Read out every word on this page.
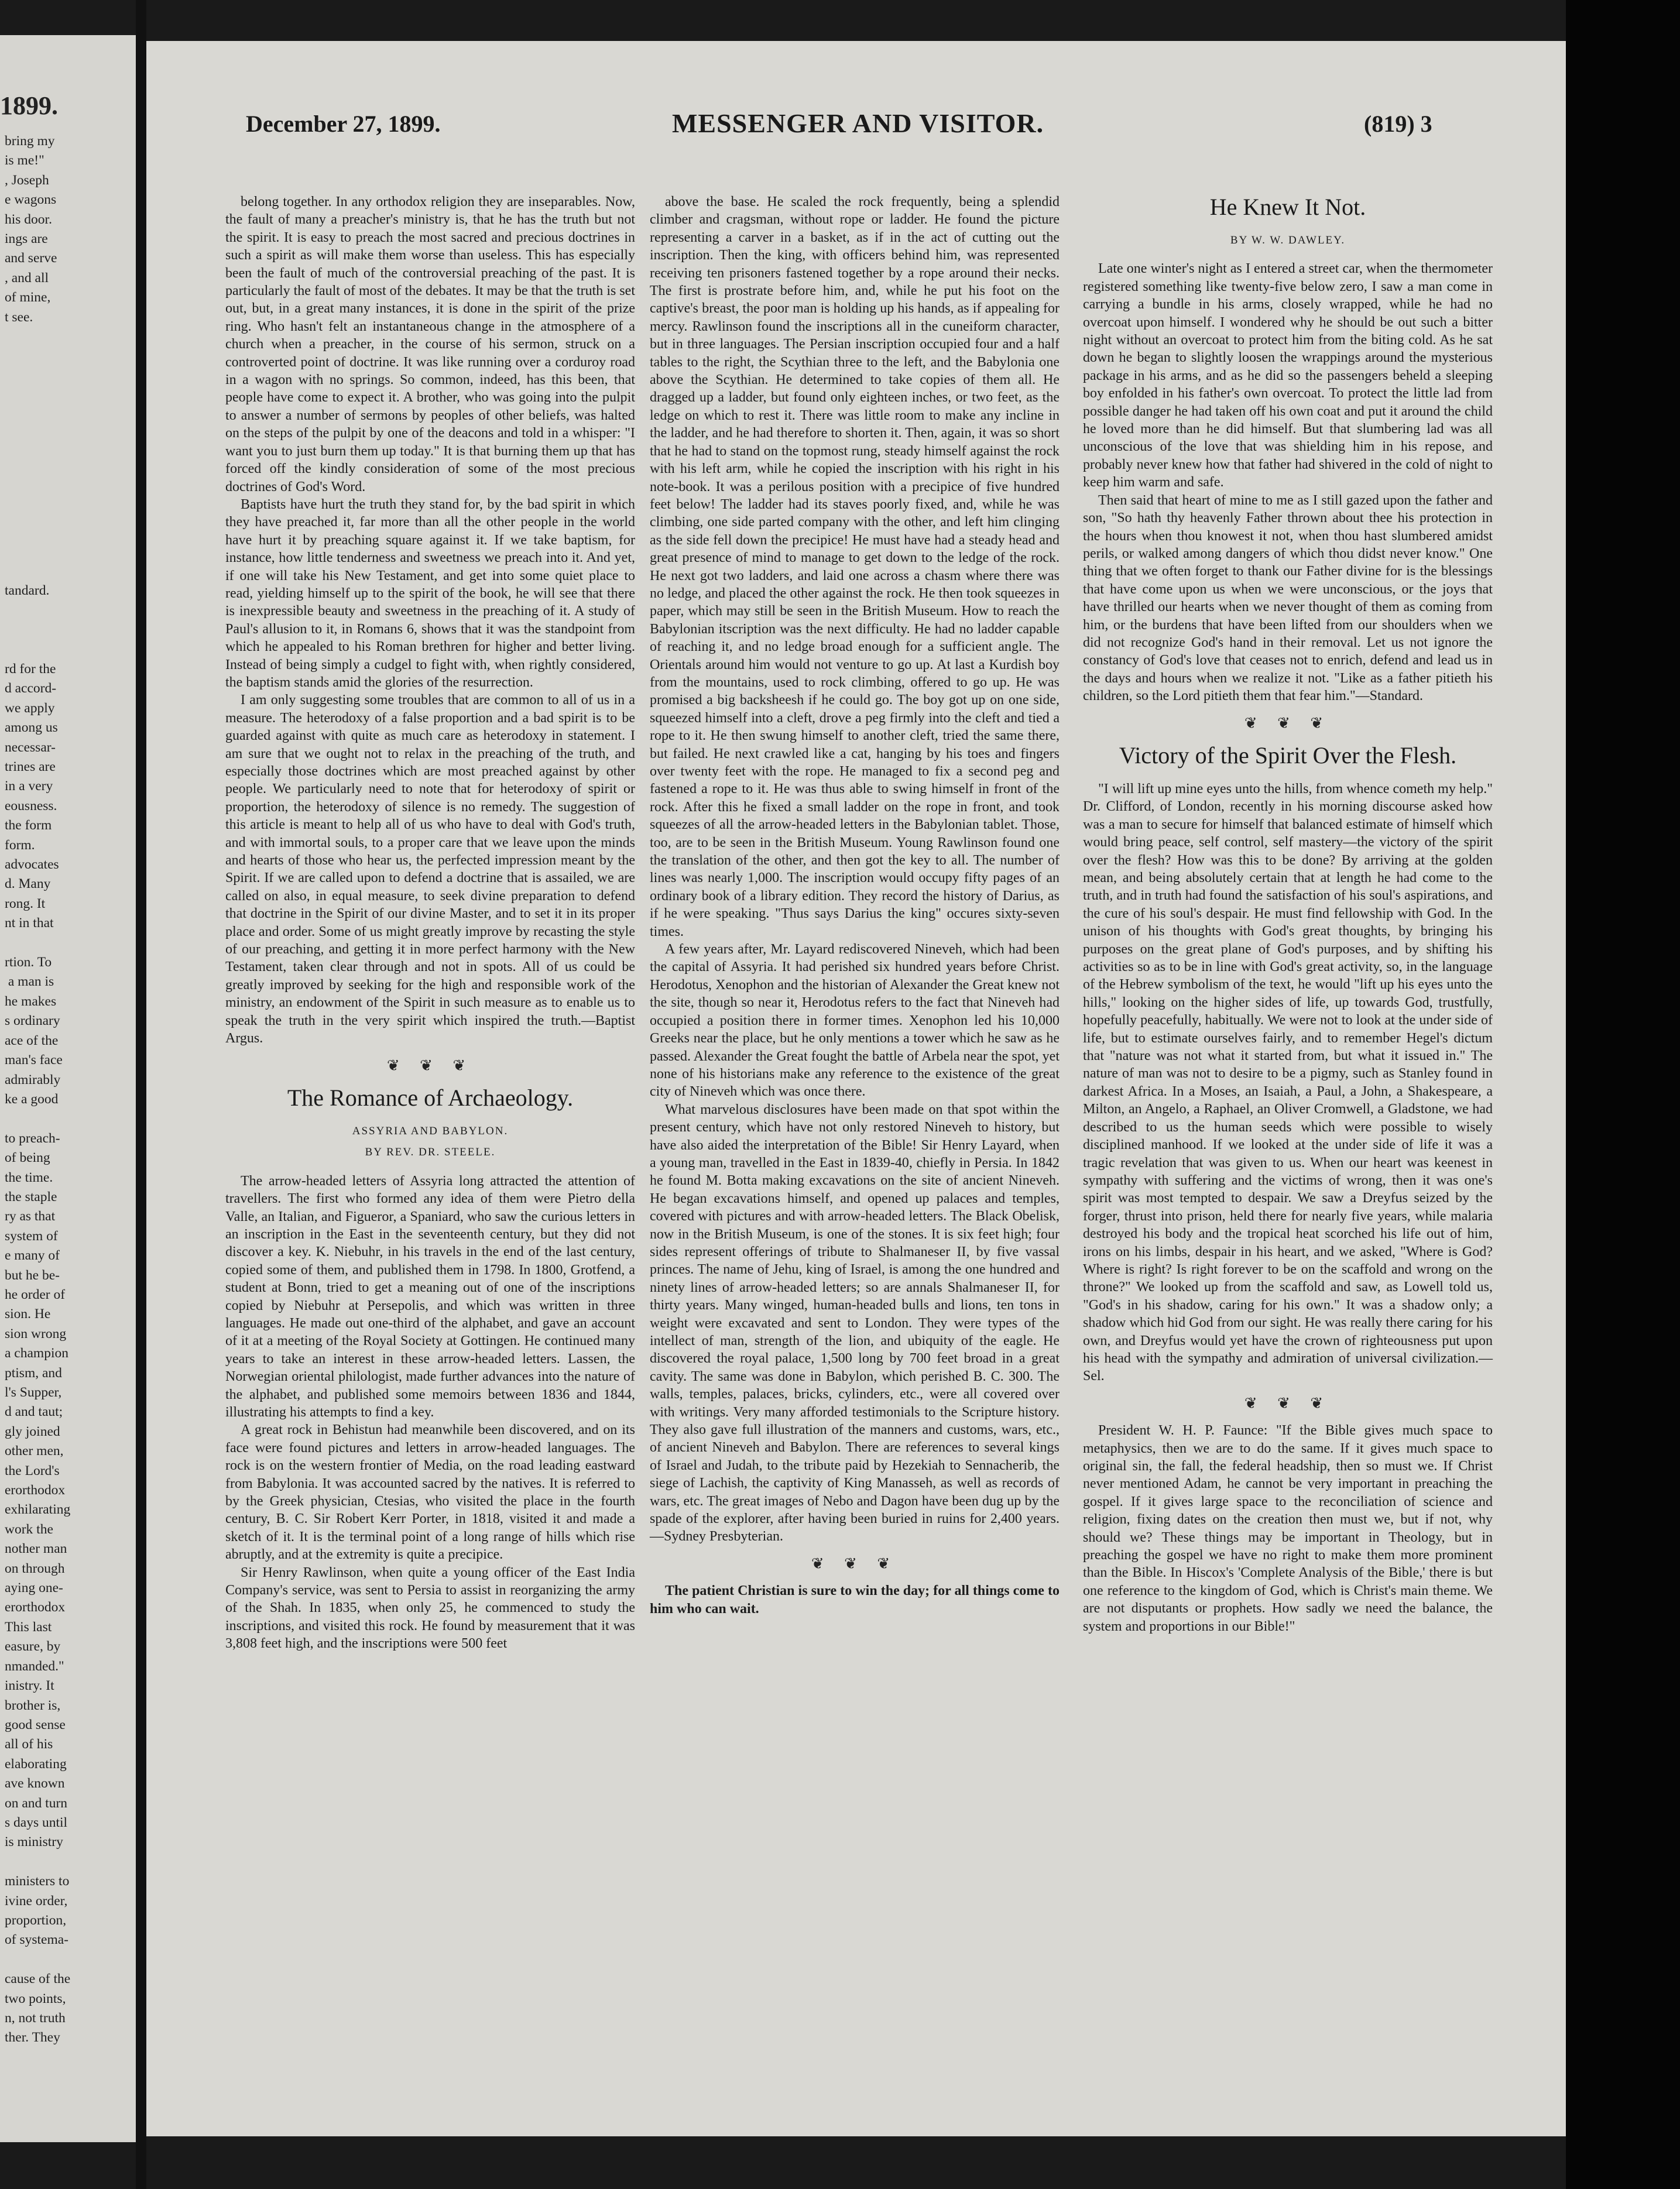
1899.
bring my
is me!"
, Joseph
e wagons
his door.
ings are
and serve
, and all
of mine,
t see.

tandard.

rd for the
d accord-
we apply
among us
necessar-
trines are
in a very
eousness.
the form
form.
advocates
d. Many
rong. It
nt in that

rtion. To
a man is
he makes
s ordinary
ace of the
man's face
admirably
ke a good

to preach-
of being
the time.
the staple
ry as that
system of
e many of
but he be-
he order of
sion. He
sion wrong
a champion
ptism, and
l's Supper,
d and taut;
gly joined
other men,
the Lord's
erorthodox
exhilarating
work the
nother man
on through
aying one-
erorthodox
This last
easure, by
nmanded."
inistry. It
brother is,
good sense
all of his
elaborating
ave known
on and turn
s days until
is ministry

ministers to
ivine order,
proportion,
of systema-

cause of the
two points,
n, not truth
ther. They
December 27, 1899.	MESSENGER AND VISITOR.	(819) 3

belong together. In any orthodox religion they are inseparables. Now, the fault of many a preacher's ministry is, that he has the truth but not the spirit. It is easy to preach the most sacred and precious doctrines in such a spirit as will make them worse than useless. This has especially been the fault of much of the controversial preaching of the past. It is particularly the fault of most of the debates. It may be that the truth is set out, but, in a great many instances, it is done in the spirit of the prize ring. Who hasn't felt an instantaneous change in the atmosphere of a church when a preacher, in the course of his sermon, struck on a controverted point of doctrine. It was like running over a corduroy road in a wagon with no springs. So common, indeed, has this been, that people have come to expect it. A brother, who was going into the pulpit to answer a number of sermons by peoples of other beliefs, was halted on the steps of the pulpit by one of the deacons and told in a whisper: "I want you to just burn them up today." It is that burning them up that has forced off the kindly consideration of some of the most precious doctrines of God's Word.

Baptists have hurt the truth they stand for, by the bad spirit in which they have preached it, far more than all the other people in the world have hurt it by preaching square against it. If we take baptism, for instance, how little tenderness and sweetness we preach into it. And yet, if one will take his New Testament, and get into some quiet place to read, yielding himself up to the spirit of the book, he will see that there is inexpressible beauty and sweetness in the preaching of it. A study of Paul's allusion to it, in Romans 6, shows that it was the standpoint from which he appealed to his Roman brethren for higher and better living. Instead of being simply a cudgel to fight with, when rightly considered, the baptism stands amid the glories of the resurrection.

I am only suggesting some troubles that are common to all of us in a measure. The heterodoxy of a false proportion and a bad spirit is to be guarded against with quite as much care as heterodoxy in statement. I am sure that we ought not to relax in the preaching of the truth, and especially those doctrines which are most preached against by other people. We particularly need to note that for heterodoxy of spirit or proportion, the heterodoxy of silence is no remedy. The suggestion of this article is meant to help all of us who have to deal with God's truth, and with immortal souls, to a proper care that we leave upon the minds and hearts of those who hear us, the perfected impression meant by the Spirit. If we are called upon to defend a doctrine that is assailed, we are called on also, in equal measure, to seek divine preparation to defend that doctrine in the Spirit of our divine Master, and to set it in its proper place and order. Some of us might greatly improve by recasting the style of our preaching, and getting it in more perfect harmony with the New Testament, taken clear through and not in spots. All of us could be greatly improved by seeking for the high and responsible work of the ministry, an endowment of the Spirit in such measure as to enable us to speak the truth in the very spirit which inspired the truth.—Baptist Argus.

❦ ❦ ❦
The Romance of Archaeology.
ASSYRIA AND BABYLON.
BY REV. DR. STEELE.

The arrow-headed letters of Assyria long attracted the attention of travellers. The first who formed any idea of them were Pietro della Valle, an Italian, and Figueror, a Spaniard, who saw the curious letters in an inscription in the East in the seventeenth century, but they did not discover a key. K. Niebuhr, in his travels in the end of the last century, copied some of them, and published them in 1798. In 1800, Grotfend, a student at Bonn, tried to get a meaning out of one of the inscriptions copied by Niebuhr at Persepolis, and which was written in three languages. He made out one-third of the alphabet, and gave an account of it at a meeting of the Royal Society at Gottingen. He continued many years to take an interest in these arrow-headed letters. Lassen, the Norwegian oriental philologist, made further advances into the nature of the alphabet, and published some memoirs between 1836 and 1844, illustrating his attempts to find a key.

A great rock in Behistun had meanwhile been discovered, and on its face were found pictures and letters in arrow-headed languages. The rock is on the western frontier of Media, on the road leading eastward from Babylonia. It was accounted sacred by the natives. It is referred to by the Greek physician, Ctesias, who visited the place in the fourth century, B. C. Sir Robert Kerr Porter, in 1818, visited it and made a sketch of it. It is the terminal point of a long range of hills which rise abruptly, and at the extremity is quite a precipice.

Sir Henry Rawlinson, when quite a young officer of the East India Company's service, was sent to Persia to assist in reorganizing the army of the Shah. In 1835, when only 25, he commenced to study the inscriptions, and visited this rock. He found by measurement that it was 3,808 feet high, and the inscriptions were 500 feet

above the base. He scaled the rock frequently, being a splendid climber and cragsman, without rope or ladder. He found the picture representing a carver in a basket, as if in the act of cutting out the inscription. Then the king, with officers behind him, was represented receiving ten prisoners fastened together by a rope around their necks. The first is prostrate before him, and, while he put his foot on the captive's breast, the poor man is holding up his hands, as if appealing for mercy. Rawlinson found the inscriptions all in the cuneiform character, but in three languages. The Persian inscription occupied four and a half tables to the right, the Scythian three to the left, and the Babylonia one above the Scythian. He determined to take copies of them all. He dragged up a ladder, but found only eighteen inches, or two feet, as the ledge on which to rest it. There was little room to make any incline in the ladder, and he had therefore to shorten it. Then, again, it was so short that he had to stand on the topmost rung, steady himself against the rock with his left arm, while he copied the inscription with his right in his note-book. It was a perilous position with a precipice of five hundred feet below! The ladder had its staves poorly fixed, and, while he was climbing, one side parted company with the other, and left him clinging as the side fell down the precipice! He must have had a steady head and great presence of mind to manage to get down to the ledge of the rock. He next got two ladders, and laid one across a chasm where there was no ledge, and placed the other against the rock. He then took squeezes in paper, which may still be seen in the British Museum. How to reach the Babylonian itscription was the next difficulty. He had no ladder capable of reaching it, and no ledge broad enough for a sufficient angle. The Orientals around him would not venture to go up. At last a Kurdish boy from the mountains, used to rock climbing, offered to go up. He was promised a big backsheesh if he could go. The boy got up on one side, squeezed himself into a cleft, drove a peg firmly into the cleft and tied a rope to it. He then swung himself to another cleft, tried the same there, but failed. He next crawled like a cat, hanging by his toes and fingers over twenty feet with the rope. He managed to fix a second peg and fastened a rope to it. He was thus able to swing himself in front of the rock. After this he fixed a small ladder on the rope in front, and took squeezes of all the arrow-headed letters in the Babylonian tablet. Those, too, are to be seen in the British Museum. Young Rawlinson found one the translation of the other, and then got the key to all. The number of lines was nearly 1,000. The inscription would occupy fifty pages of an ordinary book of a library edition. They record the history of Darius, as if he were speaking. "Thus says Darius the king" occures sixty-seven times.

A few years after, Mr. Layard rediscovered Nineveh, which had been the capital of Assyria. It had perished six hundred years before Christ. Herodotus, Xenophon and the historian of Alexander the Great knew not the site, though so near it, Herodotus refers to the fact that Nineveh had occupied a position there in former times. Xenophon led his 10,000 Greeks near the place, but he only mentions a tower which he saw as he passed. Alexander the Great fought the battle of Arbela near the spot, yet none of his historians make any reference to the existence of the great city of Nineveh which was once there.

What marvelous disclosures have been made on that spot within the present century, which have not only restored Nineveh to history, but have also aided the interpretation of the Bible! Sir Henry Layard, when a young man, travelled in the East in 1839-40, chiefly in Persia. In 1842 he found M. Botta making excavations on the site of ancient Nineveh. He began excavations himself, and opened up palaces and temples, covered with pictures and with arrow-headed letters. The Black Obelisk, now in the British Museum, is one of the stones. It is six feet high; four sides represent offerings of tribute to Shalmaneser II, by five vassal princes. The name of Jehu, king of Israel, is among the one hundred and ninety lines of arrow-headed letters; so are annals Shalmaneser II, for thirty years. Many winged, human-headed bulls and lions, ten tons in weight were excavated and sent to London. They were types of the intellect of man, strength of the lion, and ubiquity of the eagle. He discovered the royal palace, 1,500 long by 700 feet broad in a great cavity. The same was done in Babylon, which perished B. C. 300. The walls, temples, palaces, bricks, cylinders, etc., were all covered over with writings. Very many afforded testimonials to the Scripture history. They also gave full illustration of the manners and customs, wars, etc., of ancient Nineveh and Babylon. There are references to several kings of Israel and Judah, to the tribute paid by Hezekiah to Sennacherib, the siege of Lachish, the captivity of King Manasseh, as well as records of wars, etc. The great images of Nebo and Dagon have been dug up by the spade of the explorer, after having been buried in ruins for 2,400 years.—Sydney Presbyterian.

❦ ❦ ❦

The patient Christian is sure to win the day; for all things come to him who can wait.

He Knew It Not.
BY W. W. DAWLEY.

Late one winter's night as I entered a street car, when the thermometer registered something like twenty-five below zero, I saw a man come in carrying a bundle in his arms, closely wrapped, while he had no overcoat upon himself. I wondered why he should be out such a bitter night without an overcoat to protect him from the biting cold. As he sat down he began to slightly loosen the wrappings around the mysterious package in his arms, and as he did so the passengers beheld a sleeping boy enfolded in his father's own overcoat. To protect the little lad from possible danger he had taken off his own coat and put it around the child he loved more than he did himself. But that slumbering lad was all unconscious of the love that was shielding him in his repose, and probably never knew how that father had shivered in the cold of night to keep him warm and safe.

Then said that heart of mine to me as I still gazed upon the father and son, "So hath thy heavenly Father thrown about thee his protection in the hours when thou knowest it not, when thou hast slumbered amidst perils, or walked among dangers of which thou didst never know." One thing that we often forget to thank our Father divine for is the blessings that have come upon us when we were unconscious, or the joys that have thrilled our hearts when we never thought of them as coming from him, or the burdens that have been lifted from our shoulders when we did not recognize God's hand in their removal. Let us not ignore the constancy of God's love that ceases not to enrich, defend and lead us in the days and hours when we realize it not. "Like as a father pitieth his children, so the Lord pitieth them that fear him."—Standard.

❦ ❦ ❦
Victory of the Spirit Over the Flesh.

"I will lift up mine eyes unto the hills, from whence cometh my help." Dr. Clifford, of London, recently in his morning discourse asked how was a man to secure for himself that balanced estimate of himself which would bring peace, self control, self mastery—the victory of the spirit over the flesh? How was this to be done? By arriving at the golden mean, and being absolutely certain that at length he had come to the truth, and in truth had found the satisfaction of his soul's aspirations, and the cure of his soul's despair. He must find fellowship with God. In the unison of his thoughts with God's great thoughts, by bringing his purposes on the great plane of God's purposes, and by shifting his activities so as to be in line with God's great activity, so, in the language of the Hebrew symbolism of the text, he would "lift up his eyes unto the hills," looking on the higher sides of life, up towards God, trustfully, hopefully peacefully, habitually. We were not to look at the under side of life, but to estimate ourselves fairly, and to remember Hegel's dictum that "nature was not what it started from, but what it issued in." The nature of man was not to desire to be a pigmy, such as Stanley found in darkest Africa. In a Moses, an Isaiah, a Paul, a John, a Shakespeare, a Milton, an Angelo, a Raphael, an Oliver Cromwell, a Gladstone, we had described to us the human seeds which were possible to wisely disciplined manhood. If we looked at the under side of life it was a tragic revelation that was given to us. When our heart was keenest in sympathy with suffering and the victims of wrong, then it was one's spirit was most tempted to despair. We saw a Dreyfus seized by the forger, thrust into prison, held there for nearly five years, while malaria destroyed his body and the tropical heat scorched his life out of him, irons on his limbs, despair in his heart, and we asked, "Where is God? Where is right? Is right forever to be on the scaffold and wrong on the throne?" We looked up from the scaffold and saw, as Lowell told us, "God's in his shadow, caring for his own." It was a shadow only; a shadow which hid God from our sight. He was really there caring for his own, and Dreyfus would yet have the crown of righteousness put upon his head with the sympathy and admiration of universal civilization.—Sel.

❦ ❦ ❦

President W. H. P. Faunce: "If the Bible gives much space to metaphysics, then we are to do the same. If it gives much space to original sin, the fall, the federal headship, then so must we. If Christ never mentioned Adam, he cannot be very important in preaching the gospel. If it gives large space to the reconciliation of science and religion, fixing dates on the creation then must we, but if not, why should we? These things may be important in Theology, but in preaching the gospel we have no right to make them more prominent than the Bible. In Hiscox's 'Complete Analysis of the Bible,' there is but one reference to the kingdom of God, which is Christ's main theme. We are not disputants or prophets. How sadly we need the balance, the system and proportions in our Bible!"
